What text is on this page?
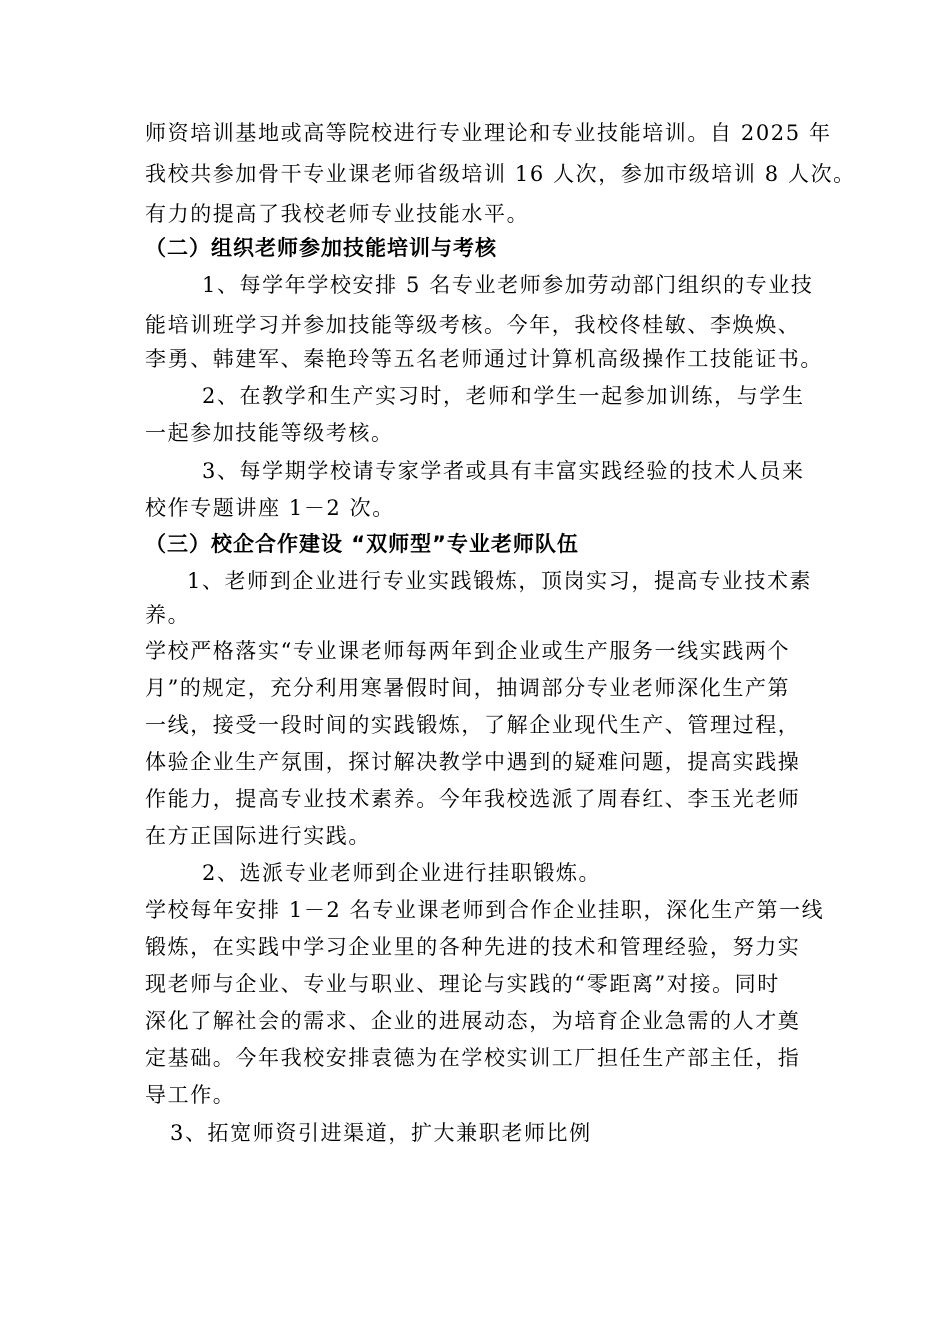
师资培训基地或高等院校进行专业理论和专业技能培训。自 2025 年
我校共参加骨干专业课老师省级培训 16 人次，参加市级培训 8 人次。
有力的提高了我校老师专业技能水平。
（二）组织老师参加技能培训与考核
1、每学年学校安排 5 名专业老师参加劳动部门组织的专业技
能培训班学习并参加技能等级考核。今年，我校佟桂敏、李焕焕、
李勇、韩建军、秦艳玲等五名老师通过计算机高级操作工技能证书。
2、在教学和生产实习时，老师和学生一起参加训练，与学生
一起参加技能等级考核。
3、每学期学校请专家学者或具有丰富实践经验的技术人员来
校作专题讲座 1－2 次。
（三）校企合作建设 “双师型”专业老师队伍
1、老师到企业进行专业实践锻炼，顶岗实习，提高专业技术素
养。
学校严格落实“专业课老师每两年到企业或生产服务一线实践两个
月”的规定，充分利用寒暑假时间，抽调部分专业老师深化生产第
一线，接受一段时间的实践锻炼，了解企业现代生产、管理过程，
体验企业生产氛围，探讨解决教学中遇到的疑难问题，提高实践操
作能力，提高专业技术素养。今年我校选派了周春红、李玉光老师
在方正国际进行实践。
2、选派专业老师到企业进行挂职锻炼。
学校每年安排 1－2 名专业课老师到合作企业挂职，深化生产第一线
锻炼，在实践中学习企业里的各种先进的技术和管理经验，努力实
现老师与企业、专业与职业、理论与实践的“零距离”对接。同时
深化了解社会的需求、企业的进展动态，为培育企业急需的人才奠
定基础。今年我校安排袁德为在学校实训工厂担任生产部主任，指
导工作。
3、拓宽师资引进渠道，扩大兼职老师比例
